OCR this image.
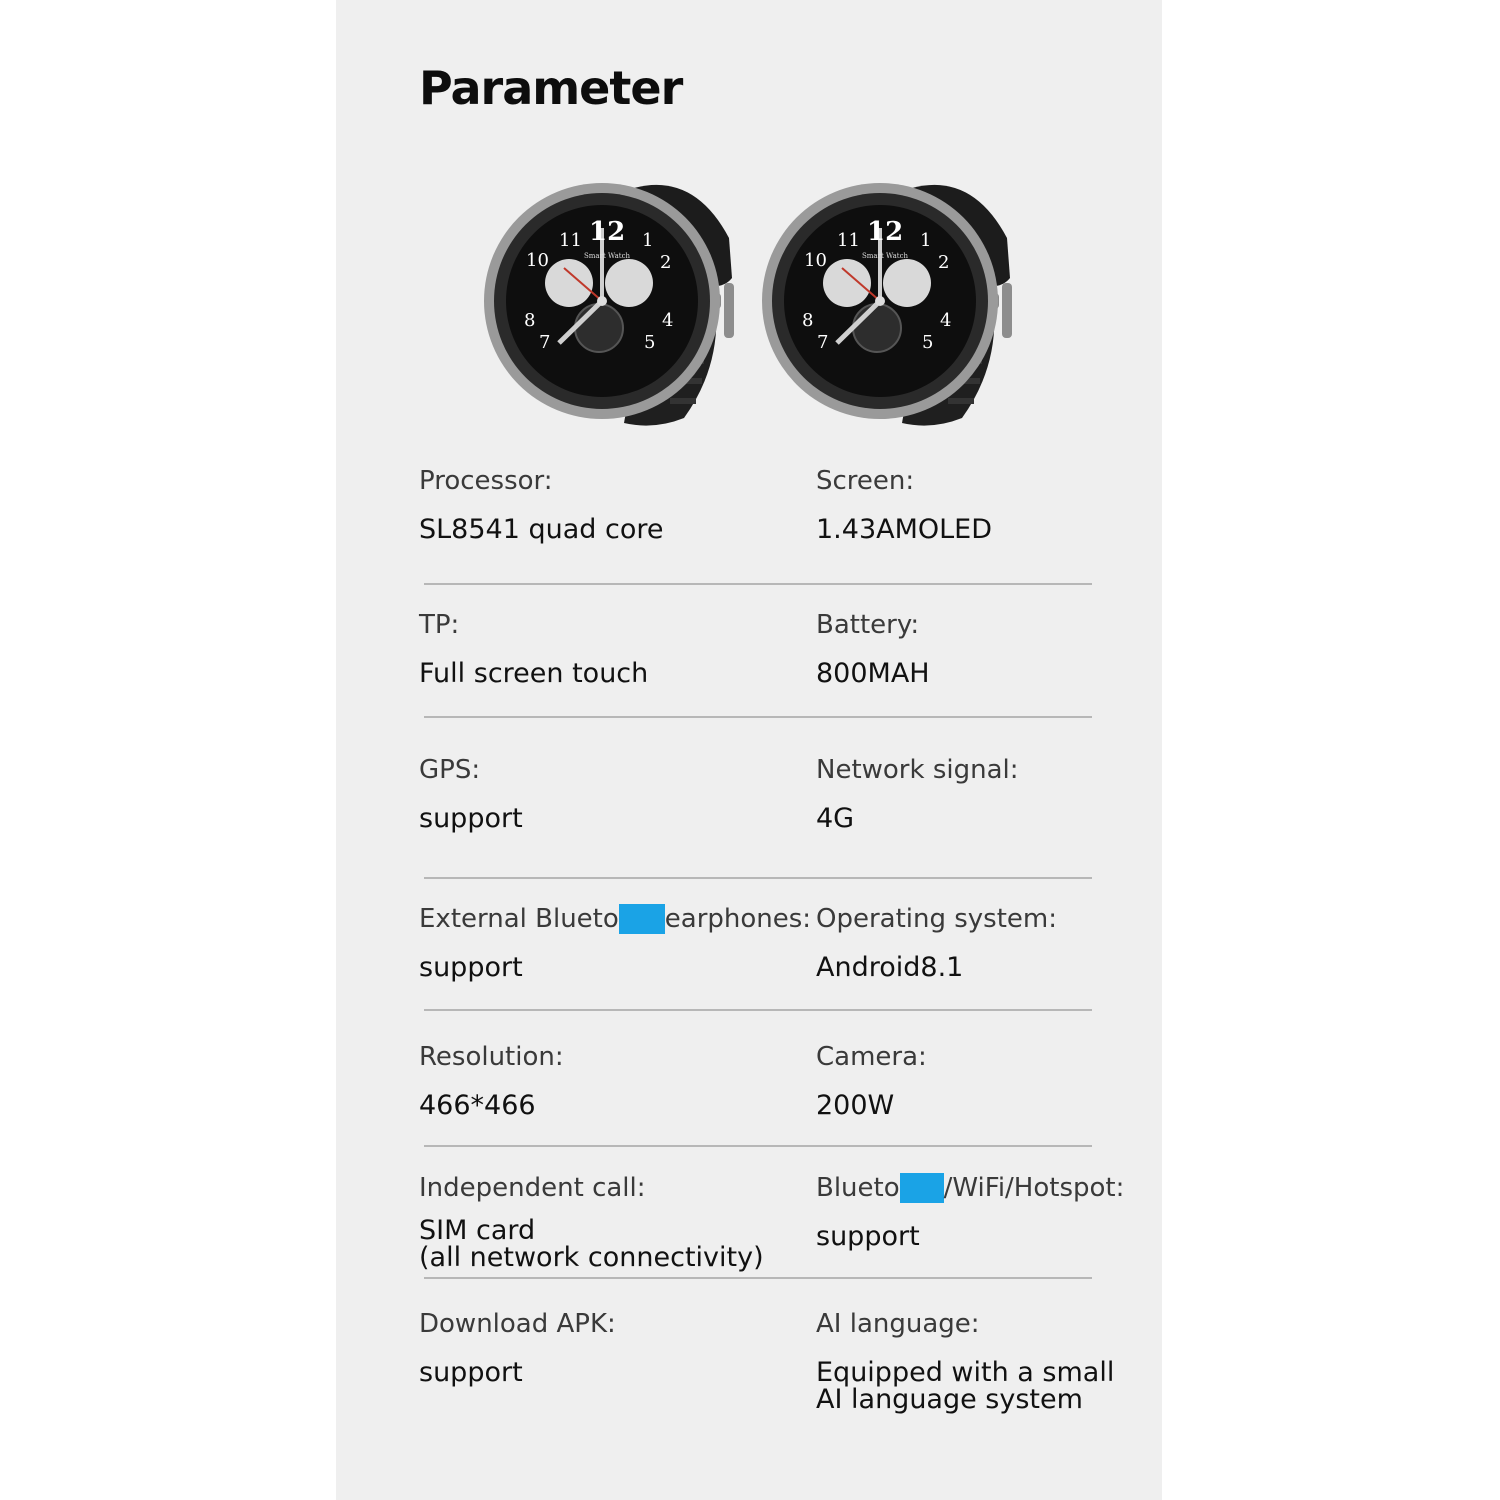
Parameter
12
11	1
10	2
8	4
7	5
Smart Watch
12
11	1
10	2
8	4
7	5
Smart Watch
Processor:
SL8541 quad core
Screen:
1.43AMOLED
TP:
Full screen touch
Battery:
800MAH
GPS:
support
Network signal:
4G
External Blueto earphones:
support
Operating system:
Android8.1
Resolution:
466*466
Camera:
200W
Independent call:
SIM card
(all network connectivity)
Blueto /WiFi/Hotspot:
support
Download APK:
support
AI language:
Equipped with a small
AI language system
